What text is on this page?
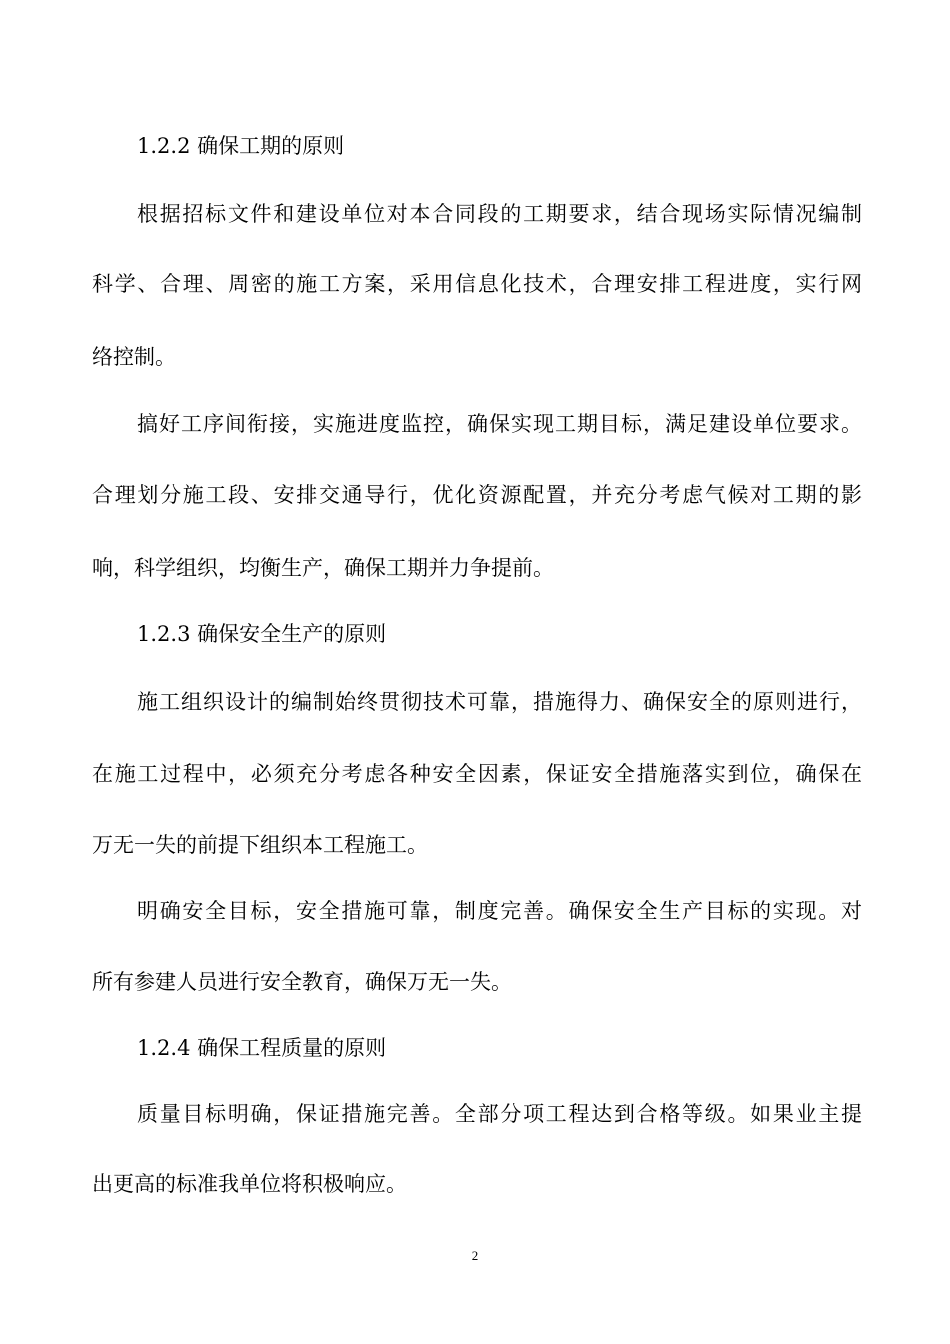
1.2.2 确保工期的原则
根据招标文件和建设单位对本合同段的工期要求，结合现场实际情况编制
科学、合理、周密的施工方案，采用信息化技术，合理安排工程进度，实行网
络控制。
搞好工序间衔接，实施进度监控，确保实现工期目标，满足建设单位要求。
合理划分施工段、安排交通导行，优化资源配置，并充分考虑气候对工期的影
响，科学组织，均衡生产，确保工期并力争提前。
1.2.3 确保安全生产的原则
施工组织设计的编制始终贯彻技术可靠，措施得力、确保安全的原则进行，
在施工过程中，必须充分考虑各种安全因素，保证安全措施落实到位，确保在
万无一失的前提下组织本工程施工。
明确安全目标，安全措施可靠，制度完善。确保安全生产目标的实现。对
所有参建人员进行安全教育，确保万无一失。
1.2.4 确保工程质量的原则
质量目标明确，保证措施完善。全部分项工程达到合格等级。如果业主提
出更高的标准我单位将积极响应。
2
